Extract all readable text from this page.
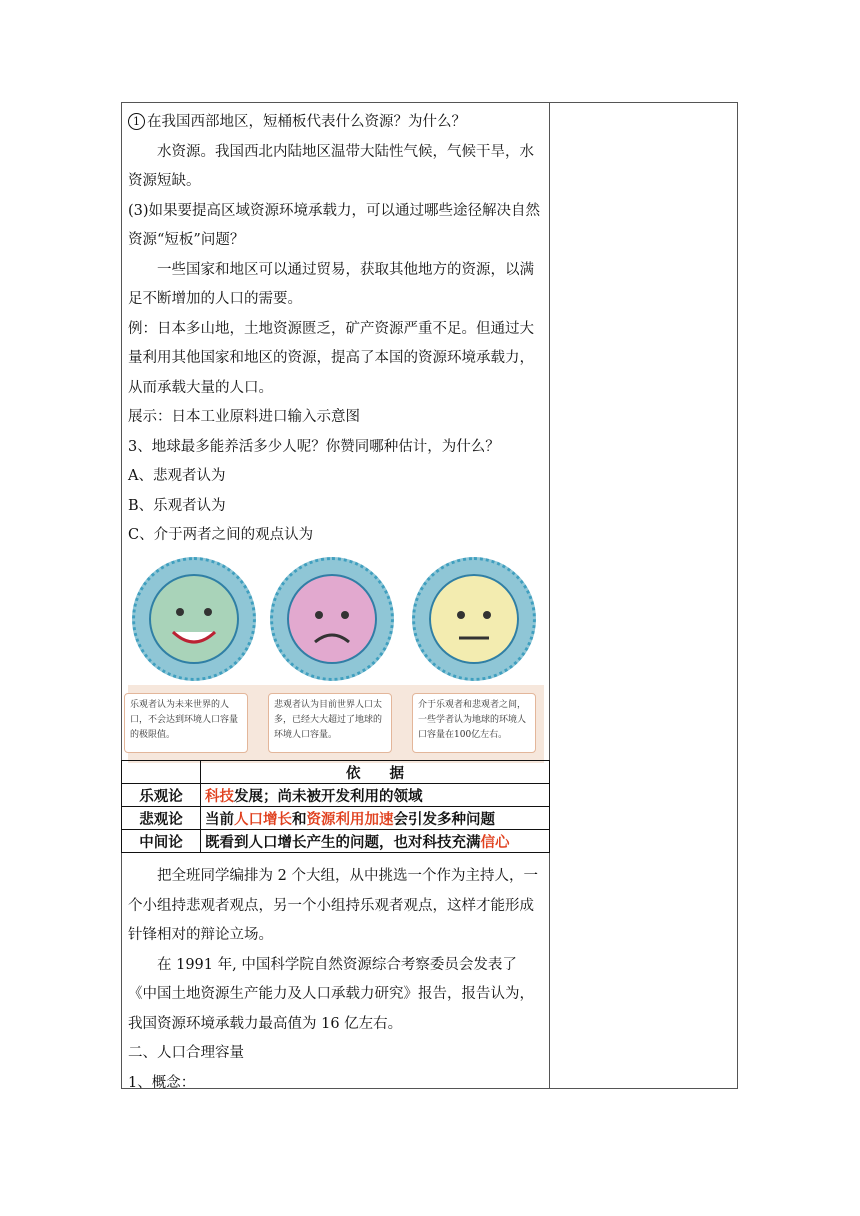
1 在我国西部地区，短桶板代表什么资源？为什么？

水资源。我国西北内陆地区温带大陆性气候，气候干旱，水资源短缺。

(3)如果要提高区域资源环境承载力，可以通过哪些途径解决自然资源“短板”问题？

一些国家和地区可以通过贸易，获取其他地方的资源，以满足不断增加的人口的需要。

例：日本多山地，土地资源匮乏，矿产资源严重不足。但通过大量利用其他国家和地区的资源，提高了本国的资源环境承载力，从而承载大量的人口。

展示：日本工业原料进口输入示意图

3、地球最多能养活多少人呢？你赞同哪种估计，为什么？

A、悲观者认为

B、乐观者认为

C、介于两者之间的观点认为

乐观者认为未来世界的人口，不会达到环境人口容量的极限值。
悲观者认为目前世界人口太多，已经大大超过了地球的环境人口容量。
介于乐观者和悲观者之间，一些学者认为地球的环境人口容量在100亿左右。
	依　　据
乐观论	科技发展；尚未被开发利用的领域
悲观论	当前人口增长和资源利用加速会引发多种问题
中间论	既看到人口增长产生的问题，也对科技充满信心

把全班同学编排为 2 个大组，从中挑选一个作为主持人，一个小组持悲观者观点，另一个小组持乐观者观点，这样才能形成针锋相对的辩论立场。

在 1991 年, 中国科学院自然资源综合考察委员会发表了《中国土地资源生产能力及人口承载力研究》报告，报告认为，我国资源环境承载力最高值为 16 亿左右。

二、人口合理容量

1、概念：
